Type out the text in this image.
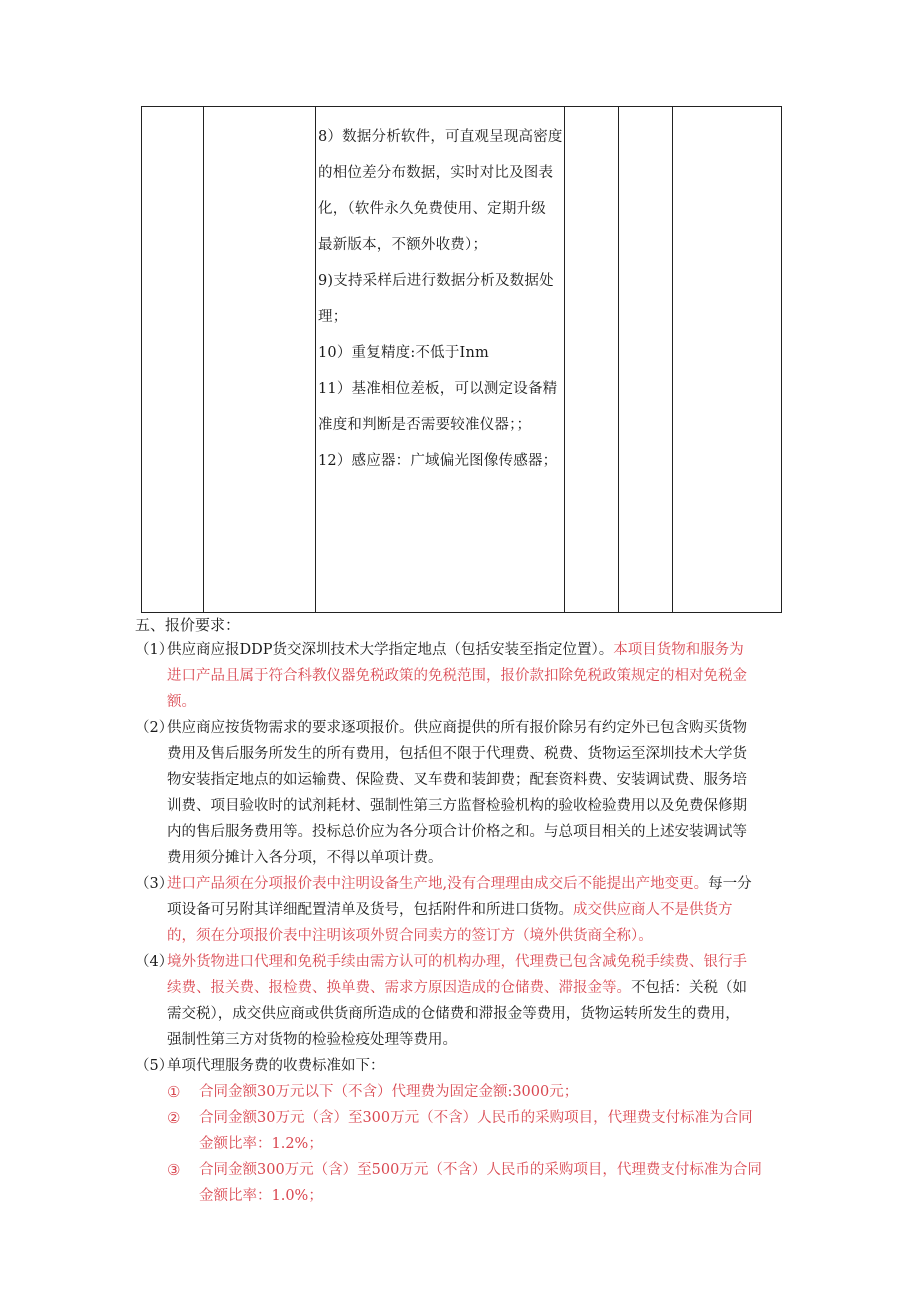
8）数据分析软件，可直观呈现高密度
的相位差分布数据，实时对比及图表
化，（软件永久免费使用、定期升级
最新版本，不额外收费）；
9)支持采样后进行数据分析及数据处
理；
10）重复精度:不低于Inm
11）基准相位差板，可以测定设备精
准度和判断是否需要较准仪器；；
12）感应器：广域偏光图像传感器；

五、报价要求：
（1）
供应商应报DDP货交深圳技术大学指定地点（包括安装至指定位置）。本项目货物和服务为
进口产品且属于符合科教仪器免税政策的免税范围，报价款扣除免税政策规定的相对免税金
额。
（2）
供应商应按货物需求的要求逐项报价。供应商提供的所有报价除另有约定外已包含购买货物
费用及售后服务所发生的所有费用，包括但不限于代理费、税费、货物运至深圳技术大学货
物安装指定地点的如运输费、保险费、叉车费和装卸费；配套资料费、安装调试费、服务培
训费、项目验收时的试剂耗材、强制性第三方监督检验机构的验收检验费用以及免费保修期
内的售后服务费用等。投标总价应为各分项合计价格之和。与总项目相关的上述安装调试等
费用须分摊计入各分项，不得以单项计费。
（3）
进口产品须在分项报价表中注明设备生产地,没有合理理由成交后不能提出产地变更。每一分
项设备可另附其详细配置清单及货号，包括附件和所进口货物。成交供应商人不是供货方
的，须在分项报价表中注明该项外贸合同卖方的签订方（境外供货商全称）。
（4）
境外货物进口代理和免税手续由需方认可的机构办理，代理费已包含减免税手续费、银行手
续费、报关费、报检费、换单费、需求方原因造成的仓储费、滞报金等。不包括：关税（如
需交税），成交供应商或供货商所造成的仓储费和滞报金等费用，货物运转所发生的费用，
强制性第三方对货物的检验检疫处理等费用。
（5）
单项代理服务费的收费标准如下：
① 合同金额30万元以下（不含）代理费为固定金额:3000元；
② 合同金额30万元（含）至300万元（不含）人民币的采购项目，代理费支付标准为合同
金额比率：1.2%；
③ 合同金额300万元（含）至500万元（不含）人民币的采购项目，代理费支付标准为合同
金额比率：1.0%；
